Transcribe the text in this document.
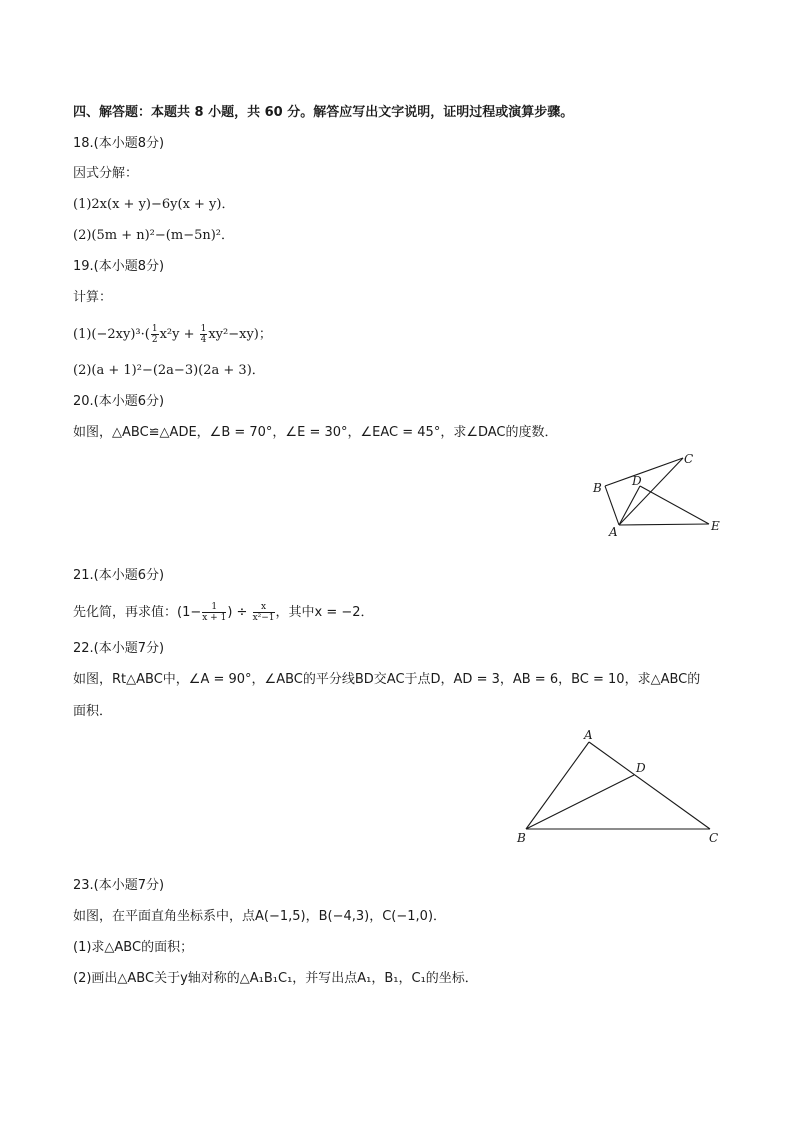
四、解答题：本题共 8 小题，共 60 分。解答应写出文字说明，证明过程或演算步骤。
18.(本小题8分)
因式分解：
(1)2x(x + y)−6y(x + y)．
(2)(5m + n)²−(m−5n)²．
19.(本小题8分)
计算：
$(1)(-2xy)^3\cdot( \frac{1}{2} x^2y + \frac{1}{4} xy^2-xy)$；
(2)(a + 1)²−(2a−3)(2a + 3)．
20.(本小题6分)
如图，△ABC≌△ADE，∠B = 70°，∠E = 30°，∠EAC = 45°，求∠DAC的度数．
B
C
D
A	E
21.(本小题6分)
先化简，再求值：($1- \frac{1}{x + 1}$ ) ÷ $\frac{x}{\text{x²−1}}$ ，其中x = −2．
22.(本小题7分)
如图，Rt△ABC中，∠A = 90°，∠ABC的平分线BD交AC于点D，AD = 3，AB = 6，BC = 10，求△ABC的
面积．
A
D
B	C
23.(本小题7分)
如图，在平面直角坐标系中，点A(−1,5)，B(−4,3)，C(−1,0)．
(1)求△ABC的面积；
(2)画出△ABC关于y轴对称的△A₁B₁C₁，并写出点A₁，B₁，C₁的坐标．
